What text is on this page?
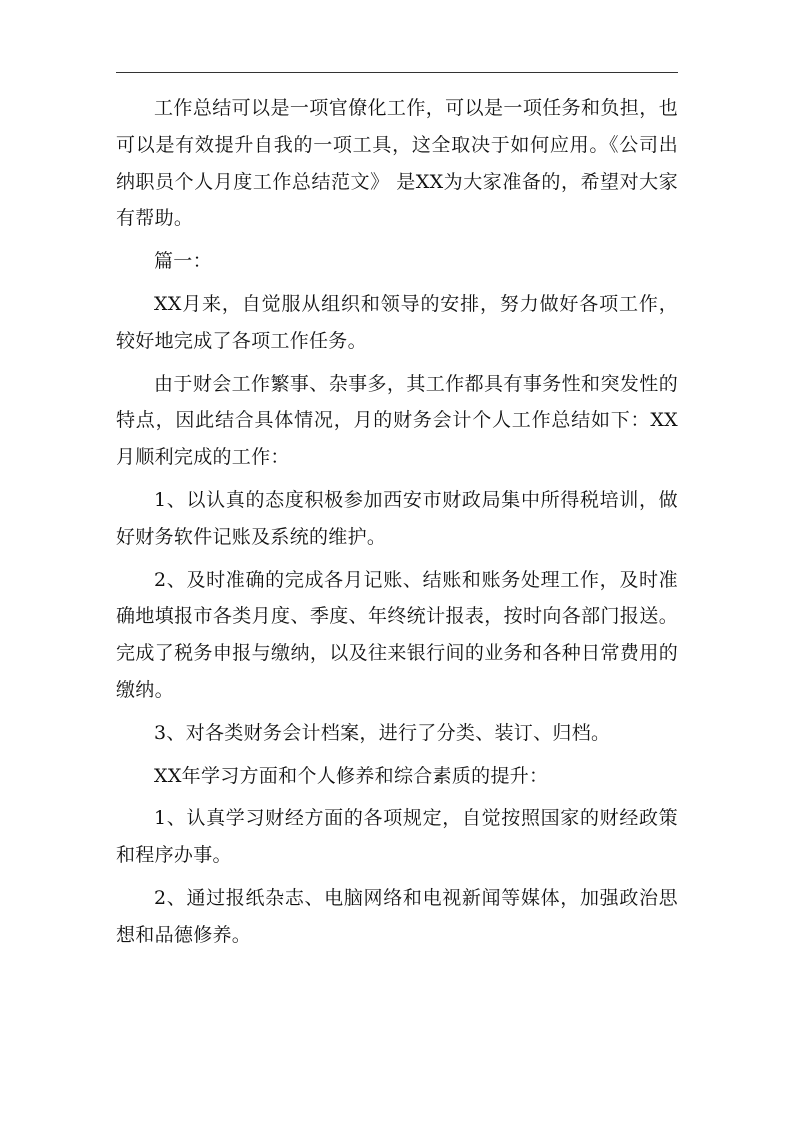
工作总结可以是一项官僚化工作，可以是一项任务和负担，也可以是有效提升自我的一项工具，这全取决于如何应用。《公司出纳职员个人月度工作总结范文》 是XX为大家准备的，希望对大家有帮助。

篇一：

XX月来，自觉服从组织和领导的安排，努力做好各项工作，较好地完成了各项工作任务。

由于财会工作繁事、杂事多，其工作都具有事务性和突发性的特点，因此结合具体情况，月的财务会计个人工作总结如下：XX月顺利完成的工作：

1、以认真的态度积极参加西安市财政局集中所得税培训，做好财务软件记账及系统的维护。

2、及时准确的完成各月记账、结账和账务处理工作，及时准确地填报市各类月度、季度、年终统计报表，按时向各部门报送。完成了税务申报与缴纳，以及往来银行间的业务和各种日常费用的缴纳。

3、对各类财务会计档案，进行了分类、装订、归档。

XX年学习方面和个人修养和综合素质的提升：

1、认真学习财经方面的各项规定，自觉按照国家的财经政策和程序办事。

2、通过报纸杂志、电脑网络和电视新闻等媒体，加强政治思想和品德修养。
